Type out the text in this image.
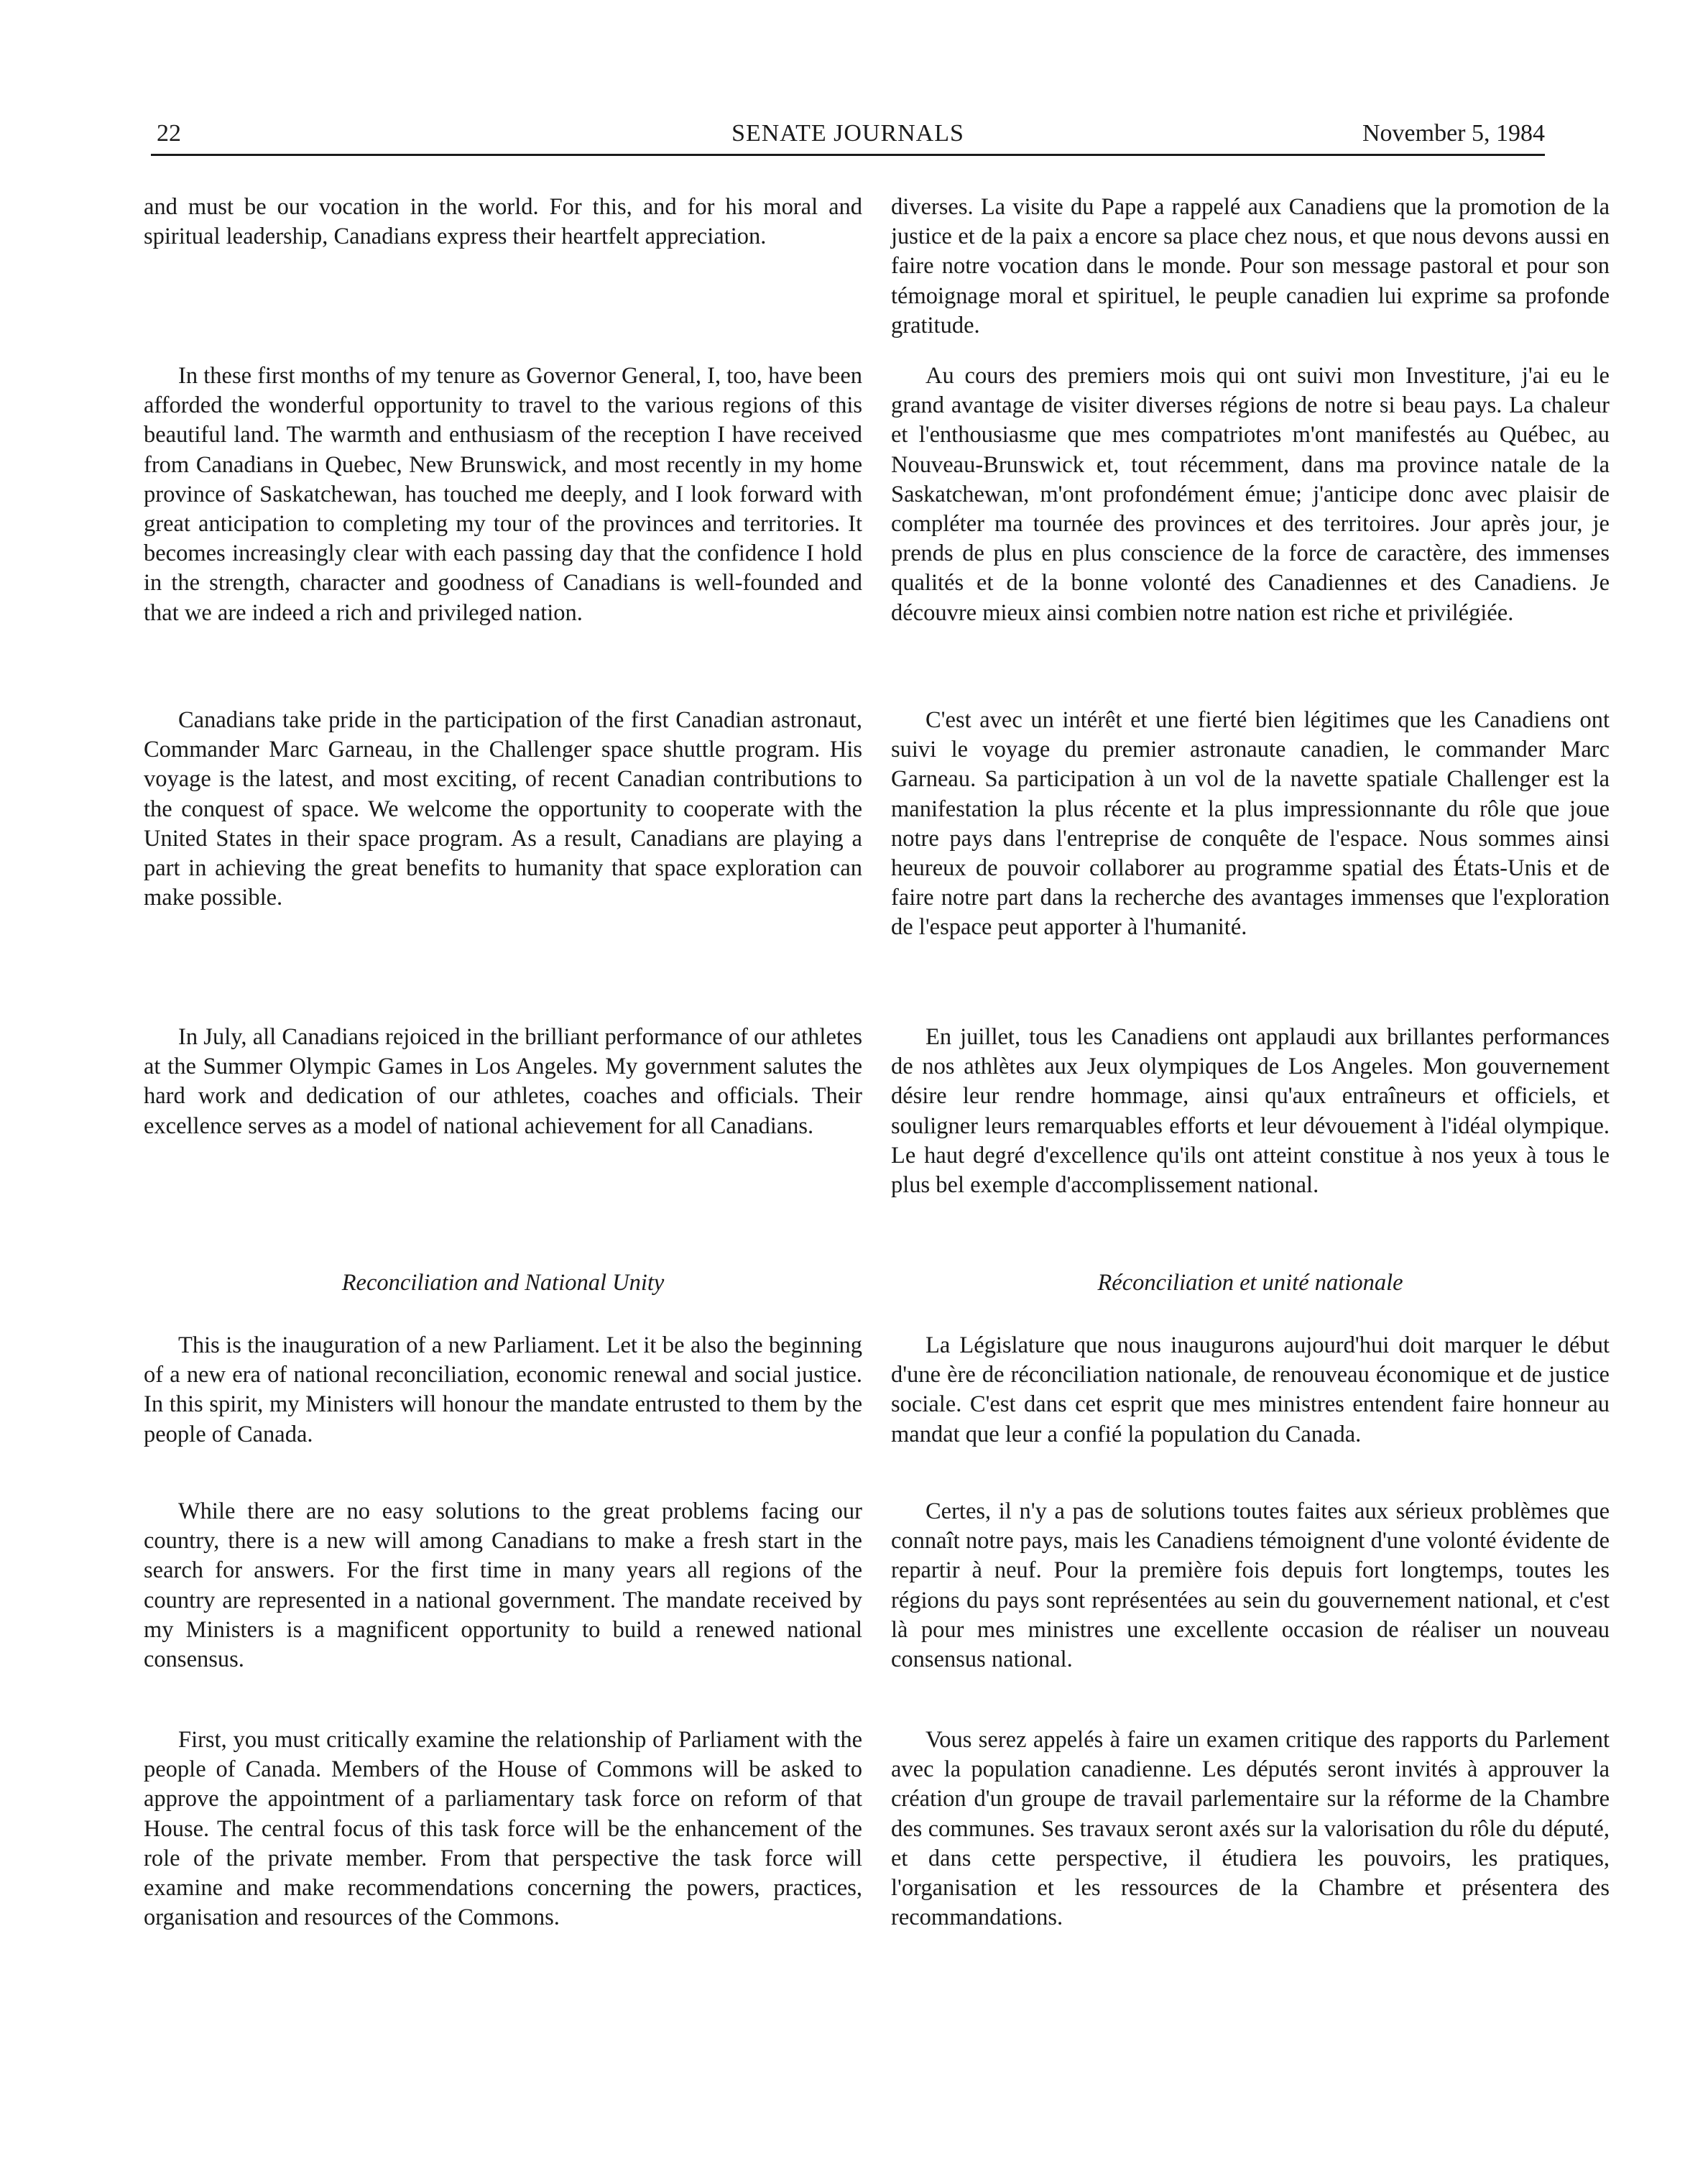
22	SENATE JOURNALS	November 5, 1984

and must be our vocation in the world. For this, and for his moral and spiritual leadership, Canadians express their heartfelt appreciation.

In these first months of my tenure as Governor General, I, too, have been afforded the wonderful opportunity to travel to the various regions of this beautiful land. The warmth and enthusiasm of the reception I have received from Canadians in Quebec, New Brunswick, and most recently in my home province of Saskatchewan, has touched me deeply, and I look forward with great anticipation to completing my tour of the provinces and territories. It becomes increasingly clear with each passing day that the confidence I hold in the strength, character and goodness of Canadians is well-founded and that we are indeed a rich and privileged nation.

Canadians take pride in the participation of the first Canadian astronaut, Commander Marc Garneau, in the Challenger space shuttle program. His voyage is the latest, and most exciting, of recent Canadian contributions to the conquest of space. We welcome the opportunity to cooperate with the United States in their space program. As a result, Canadians are playing a part in achieving the great benefits to humanity that space exploration can make possible.

In July, all Canadians rejoiced in the brilliant performance of our athletes at the Summer Olympic Games in Los Angeles. My government salutes the hard work and dedication of our athletes, coaches and officials. Their excellence serves as a model of national achievement for all Canadians.

Reconciliation and National Unity

This is the inauguration of a new Parliament. Let it be also the beginning of a new era of national reconciliation, economic renewal and social justice. In this spirit, my Ministers will honour the mandate entrusted to them by the people of Canada.

While there are no easy solutions to the great problems facing our country, there is a new will among Canadians to make a fresh start in the search for answers. For the first time in many years all regions of the country are represented in a national government. The mandate received by my Ministers is a magnificent opportunity to build a renewed national consensus.

First, you must critically examine the relationship of Parliament with the people of Canada. Members of the House of Commons will be asked to approve the appointment of a parliamentary task force on reform of that House. The central focus of this task force will be the enhancement of the role of the private member. From that perspective the task force will examine and make recommendations concerning the powers, practices, organisation and resources of the Commons.

diverses. La visite du Pape a rappelé aux Canadiens que la promotion de la justice et de la paix a encore sa place chez nous, et que nous devons aussi en faire notre vocation dans le monde. Pour son message pastoral et pour son témoignage moral et spirituel, le peuple canadien lui exprime sa profonde gratitude.

Au cours des premiers mois qui ont suivi mon Investiture, j'ai eu le grand avantage de visiter diverses régions de notre si beau pays. La chaleur et l'enthousiasme que mes compatriotes m'ont manifestés au Québec, au Nouveau-Brunswick et, tout récemment, dans ma province natale de la Saskatchewan, m'ont profondément émue; j'anticipe donc avec plaisir de compléter ma tournée des provinces et des territoires. Jour après jour, je prends de plus en plus conscience de la force de caractère, des immenses qualités et de la bonne volonté des Canadiennes et des Canadiens. Je découvre mieux ainsi combien notre nation est riche et privilégiée.

C'est avec un intérêt et une fierté bien légitimes que les Canadiens ont suivi le voyage du premier astronaute canadien, le commander Marc Garneau. Sa participation à un vol de la navette spatiale Challenger est la manifestation la plus récente et la plus impressionnante du rôle que joue notre pays dans l'entreprise de conquête de l'espace. Nous sommes ainsi heureux de pouvoir collaborer au programme spatial des États-Unis et de faire notre part dans la recherche des avantages immenses que l'exploration de l'espace peut apporter à l'humanité.

En juillet, tous les Canadiens ont applaudi aux brillantes performances de nos athlètes aux Jeux olympiques de Los Angeles. Mon gouvernement désire leur rendre hommage, ainsi qu'aux entraîneurs et officiels, et souligner leurs remarquables efforts et leur dévouement à l'idéal olympique. Le haut degré d'excellence qu'ils ont atteint constitue à nos yeux à tous le plus bel exemple d'accomplissement national.

Réconciliation et unité nationale

La Législature que nous inaugurons aujourd'hui doit marquer le début d'une ère de réconciliation nationale, de renouveau économique et de justice sociale. C'est dans cet esprit que mes ministres entendent faire honneur au mandat que leur a confié la population du Canada.

Certes, il n'y a pas de solutions toutes faites aux sérieux problèmes que connaît notre pays, mais les Canadiens témoignent d'une volonté évidente de repartir à neuf. Pour la première fois depuis fort longtemps, toutes les régions du pays sont représentées au sein du gouvernement national, et c'est là pour mes ministres une excellente occasion de réaliser un nouveau consensus national.

Vous serez appelés à faire un examen critique des rapports du Parlement avec la population canadienne. Les députés seront invités à approuver la création d'un groupe de travail parlementaire sur la réforme de la Chambre des communes. Ses travaux seront axés sur la valorisation du rôle du député, et dans cette perspective, il étudiera les pouvoirs, les pratiques, l'organisation et les ressources de la Chambre et présentera des recommandations.
